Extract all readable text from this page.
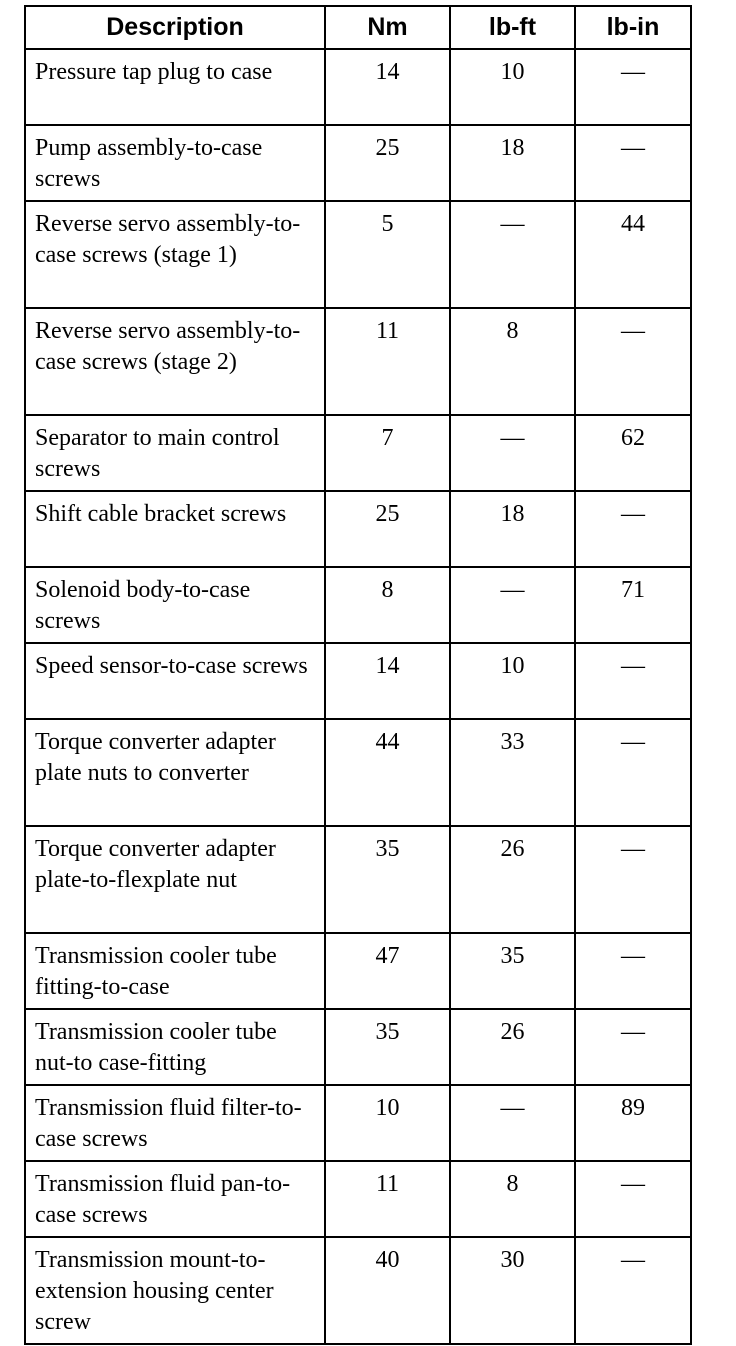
Description	Nm	lb-ft	lb-in
Pressure tap plug to case	14	10	—
Pump assembly-to-case screws	25	18	—
Reverse servo assembly-to-case screws (stage 1)	5	—	44
Reverse servo assembly-to-case screws (stage 2)	11	8	—
Separator to main control screws	7	—	62
Shift cable bracket screws	25	18	—
Solenoid body-to-case screws	8	—	71
Speed sensor-to-case screws	14	10	—
Torque converter adapter plate nuts to converter	44	33	—
Torque converter adapter plate-to-flexplate nut	35	26	—
Transmission cooler tube fitting-to-case	47	35	—
Transmission cooler tube nut-to case-fitting	35	26	—
Transmission fluid filter-to-case screws	10	—	89
Transmission fluid pan-to-case screws	11	8	—
Transmission mount-to-extension housing center screw	40	30	—
